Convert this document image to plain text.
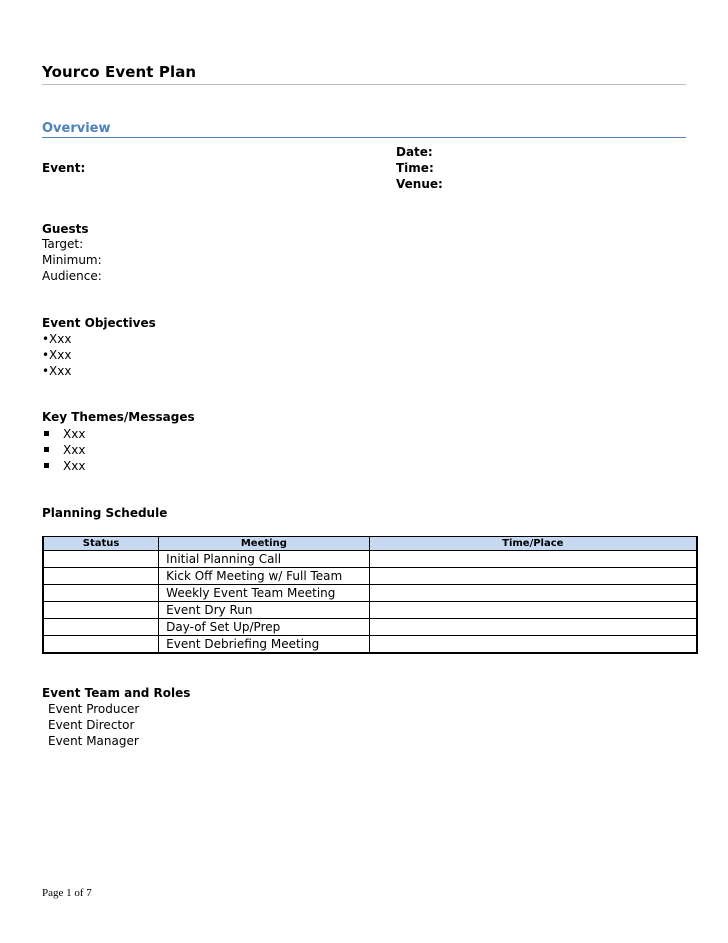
Yourco Event Plan
Overview
Event:
Date:
Time:
Venue:
Guests
Target:
Minimum:
Audience:
Event Objectives
•Xxx
•Xxx
•Xxx
Key Themes/Messages
Xxx
Xxx
Xxx
Planning Schedule
Status	Meeting	Time/Place
	Initial Planning Call	
	Kick Off Meeting w/ Full Team	
	Weekly Event Team Meeting	
	Event Dry Run	
	Day-of Set Up/Prep	
	Event Debriefing Meeting	
Event Team and Roles
Event Producer
Event Director
Event Manager
Page 1 of 7
